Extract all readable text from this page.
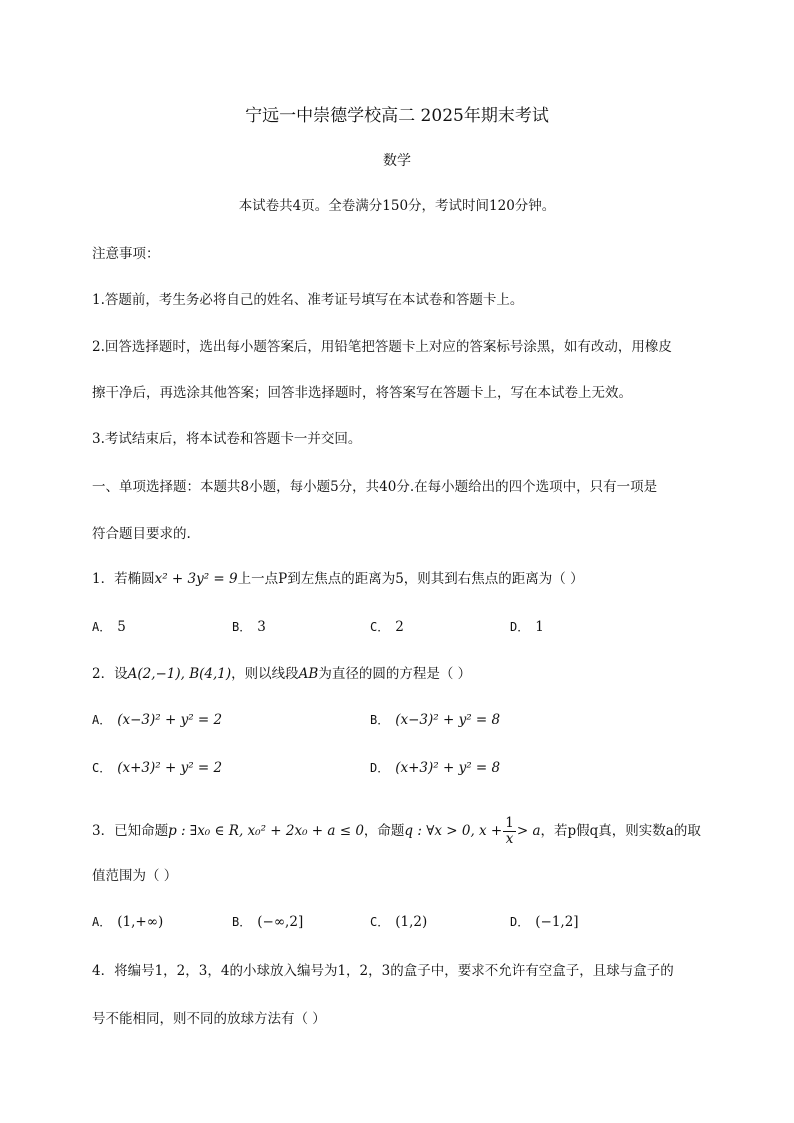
宁远一中崇德学校高二 2025年期末考试
数学
本试卷共4页。全卷满分150分，考试时间120分钟。
注意事项：
1.答题前，考生务必将自己的姓名、准考证号填写在本试卷和答题卡上。
2.回答选择题时，选出每小题答案后，用铅笔把答题卡上对应的答案标号涂黑，如有改动，用橡皮
擦干净后，再选涂其他答案；回答非选择题时，将答案写在答题卡上，写在本试卷上无效。
3.考试结束后，将本试卷和答题卡一并交回。
一、单项选择题：本题共8小题，每小题5分，共40分.在每小题给出的四个选项中，只有一项是
符合题目要求的.
1．若椭圆x² + 3y² = 9上一点P到左焦点的距离为5，则其到右焦点的距离为（ ）
A． 5	B． 3	C． 2	D． 1
2．设A(2,−1), B(4,1)，则以线段AB为直径的圆的方程是（ ）
A． (x−3)² + y² = 2	B． (x−3)² + y² = 8
C． (x+3)² + y² = 2	D． (x+3)² + y² = 8
3．已知命题p : ∃x₀ ∈ R, x₀² + 2x₀ + a ≤ 0，命题q : ∀x > 0, $x + \frac{1}{x} > a$，若p假q真，则实数a的取
值范围为（ ）
A． (1,+∞)	B． (−∞,2]	C． (1,2)	D． (−1,2]
4．将编号1，2，3，4的小球放入编号为1，2，3的盒子中，要求不允许有空盒子，且球与盒子的
号不能相同，则不同的放球方法有（ ）
